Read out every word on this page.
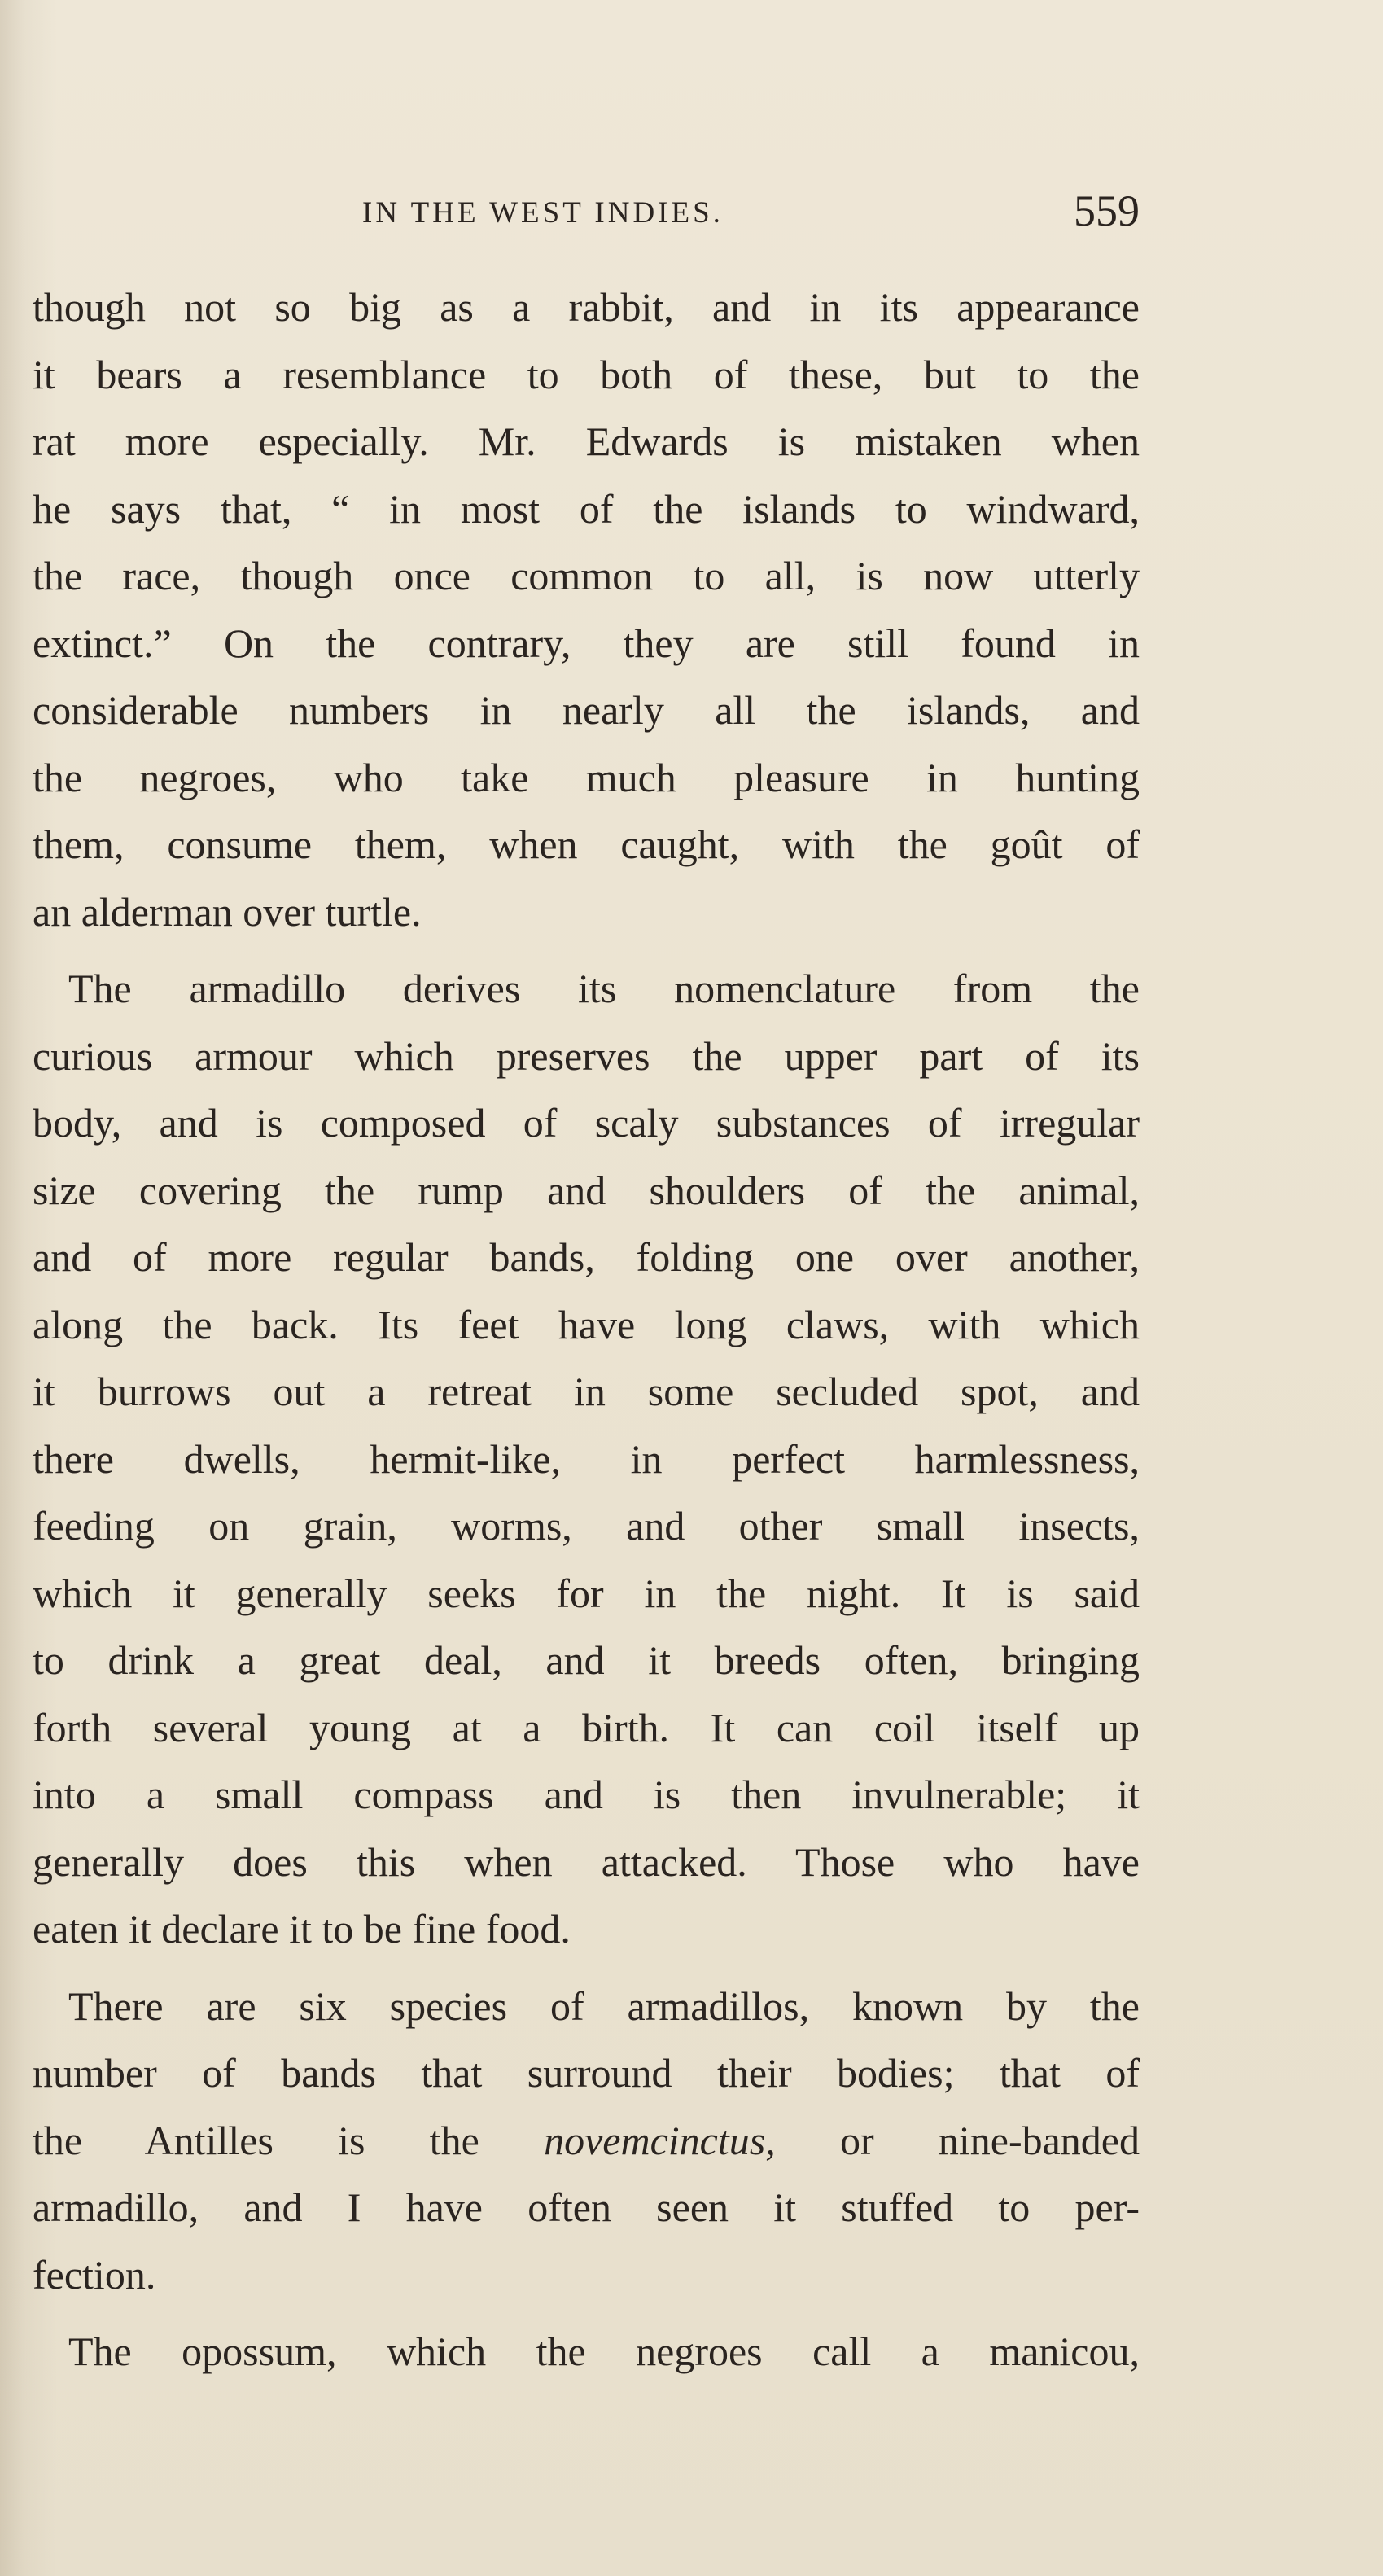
IN THE WEST INDIES.	559
though not so big as a rabbit, and in its appearance
it bears a resemblance to both of these, but to the
rat more especially. Mr. Edwards is mistaken when
he says that, “ in most of the islands to windward,
the race, though once common to all, is now utterly
extinct.” On the contrary, they are still found in
considerable numbers in nearly all the islands, and
the negroes, who take much pleasure in hunting
them, consume them, when caught, with the goût of
an alderman over turtle.
The armadillo derives its nomenclature from the
curious armour which preserves the upper part of its
body, and is composed of scaly substances of irregular
size covering the rump and shoulders of the animal,
and of more regular bands, folding one over another,
along the back. Its feet have long claws, with which
it burrows out a retreat in some secluded spot, and
there dwells, hermit-like, in perfect harmlessness,
feeding on grain, worms, and other small insects,
which it generally seeks for in the night. It is said
to drink a great deal, and it breeds often, bringing
forth several young at a birth. It can coil itself up
into a small compass and is then invulnerable; it
generally does this when attacked. Those who have
eaten it declare it to be fine food.
There are six species of armadillos, known by the
number of bands that surround their bodies; that of
the Antilles is the novemcinctus, or nine-banded
armadillo, and I have often seen it stuffed to per-
fection.
The opossum, which the negroes call a manicou,
